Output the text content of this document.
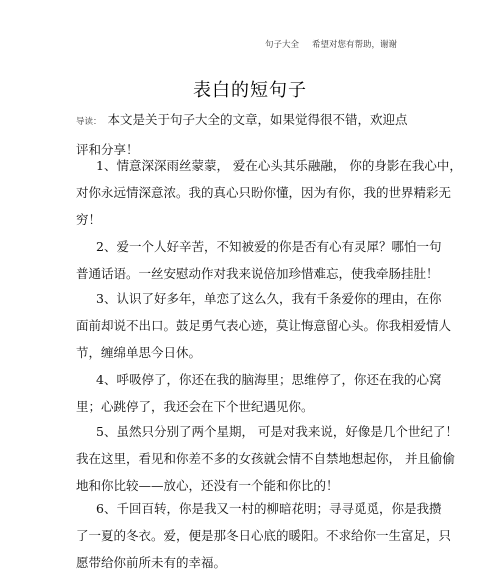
句子大全 希望对您有帮助，谢谢
表白的短句子
导读： 本文是关于句子大全的文章，如果觉得很不错，欢迎点
评和分享！
1、情意深深雨丝蒙蒙， 爱在心头其乐融融， 你的身影在我心中，
对你永远情深意浓。我的真心只盼你懂，因为有你，我的世界精彩无
穷！
2、爱一个人好辛苦，不知被爱的你是否有心有灵犀？哪怕一句
普通话语。一丝安慰动作对我来说倍加珍惜难忘，使我牵肠挂肚！
3、认识了好多年，单恋了这么久，我有千条爱你的理由，在你
面前却说不出口。鼓足勇气表心迹，莫让悔意留心头。你我相爱情人
节，缠绵单思今日休。
4、呼吸停了，你还在我的脑海里；思维停了，你还在我的心窝
里；心跳停了，我还会在下个世纪遇见你。
5、虽然只分别了两个星期， 可是对我来说，好像是几个世纪了！
我在这里，看见和你差不多的女孩就会情不自禁地想起你， 并且偷偷
地和你比较——放心，还没有一个能和你比的！
6、千回百转，你是我又一村的柳暗花明；寻寻觅觅，你是我攒
了一夏的冬衣。爱，便是那冬日心底的暖阳。不求给你一生富足，只
愿带给你前所未有的幸福。
